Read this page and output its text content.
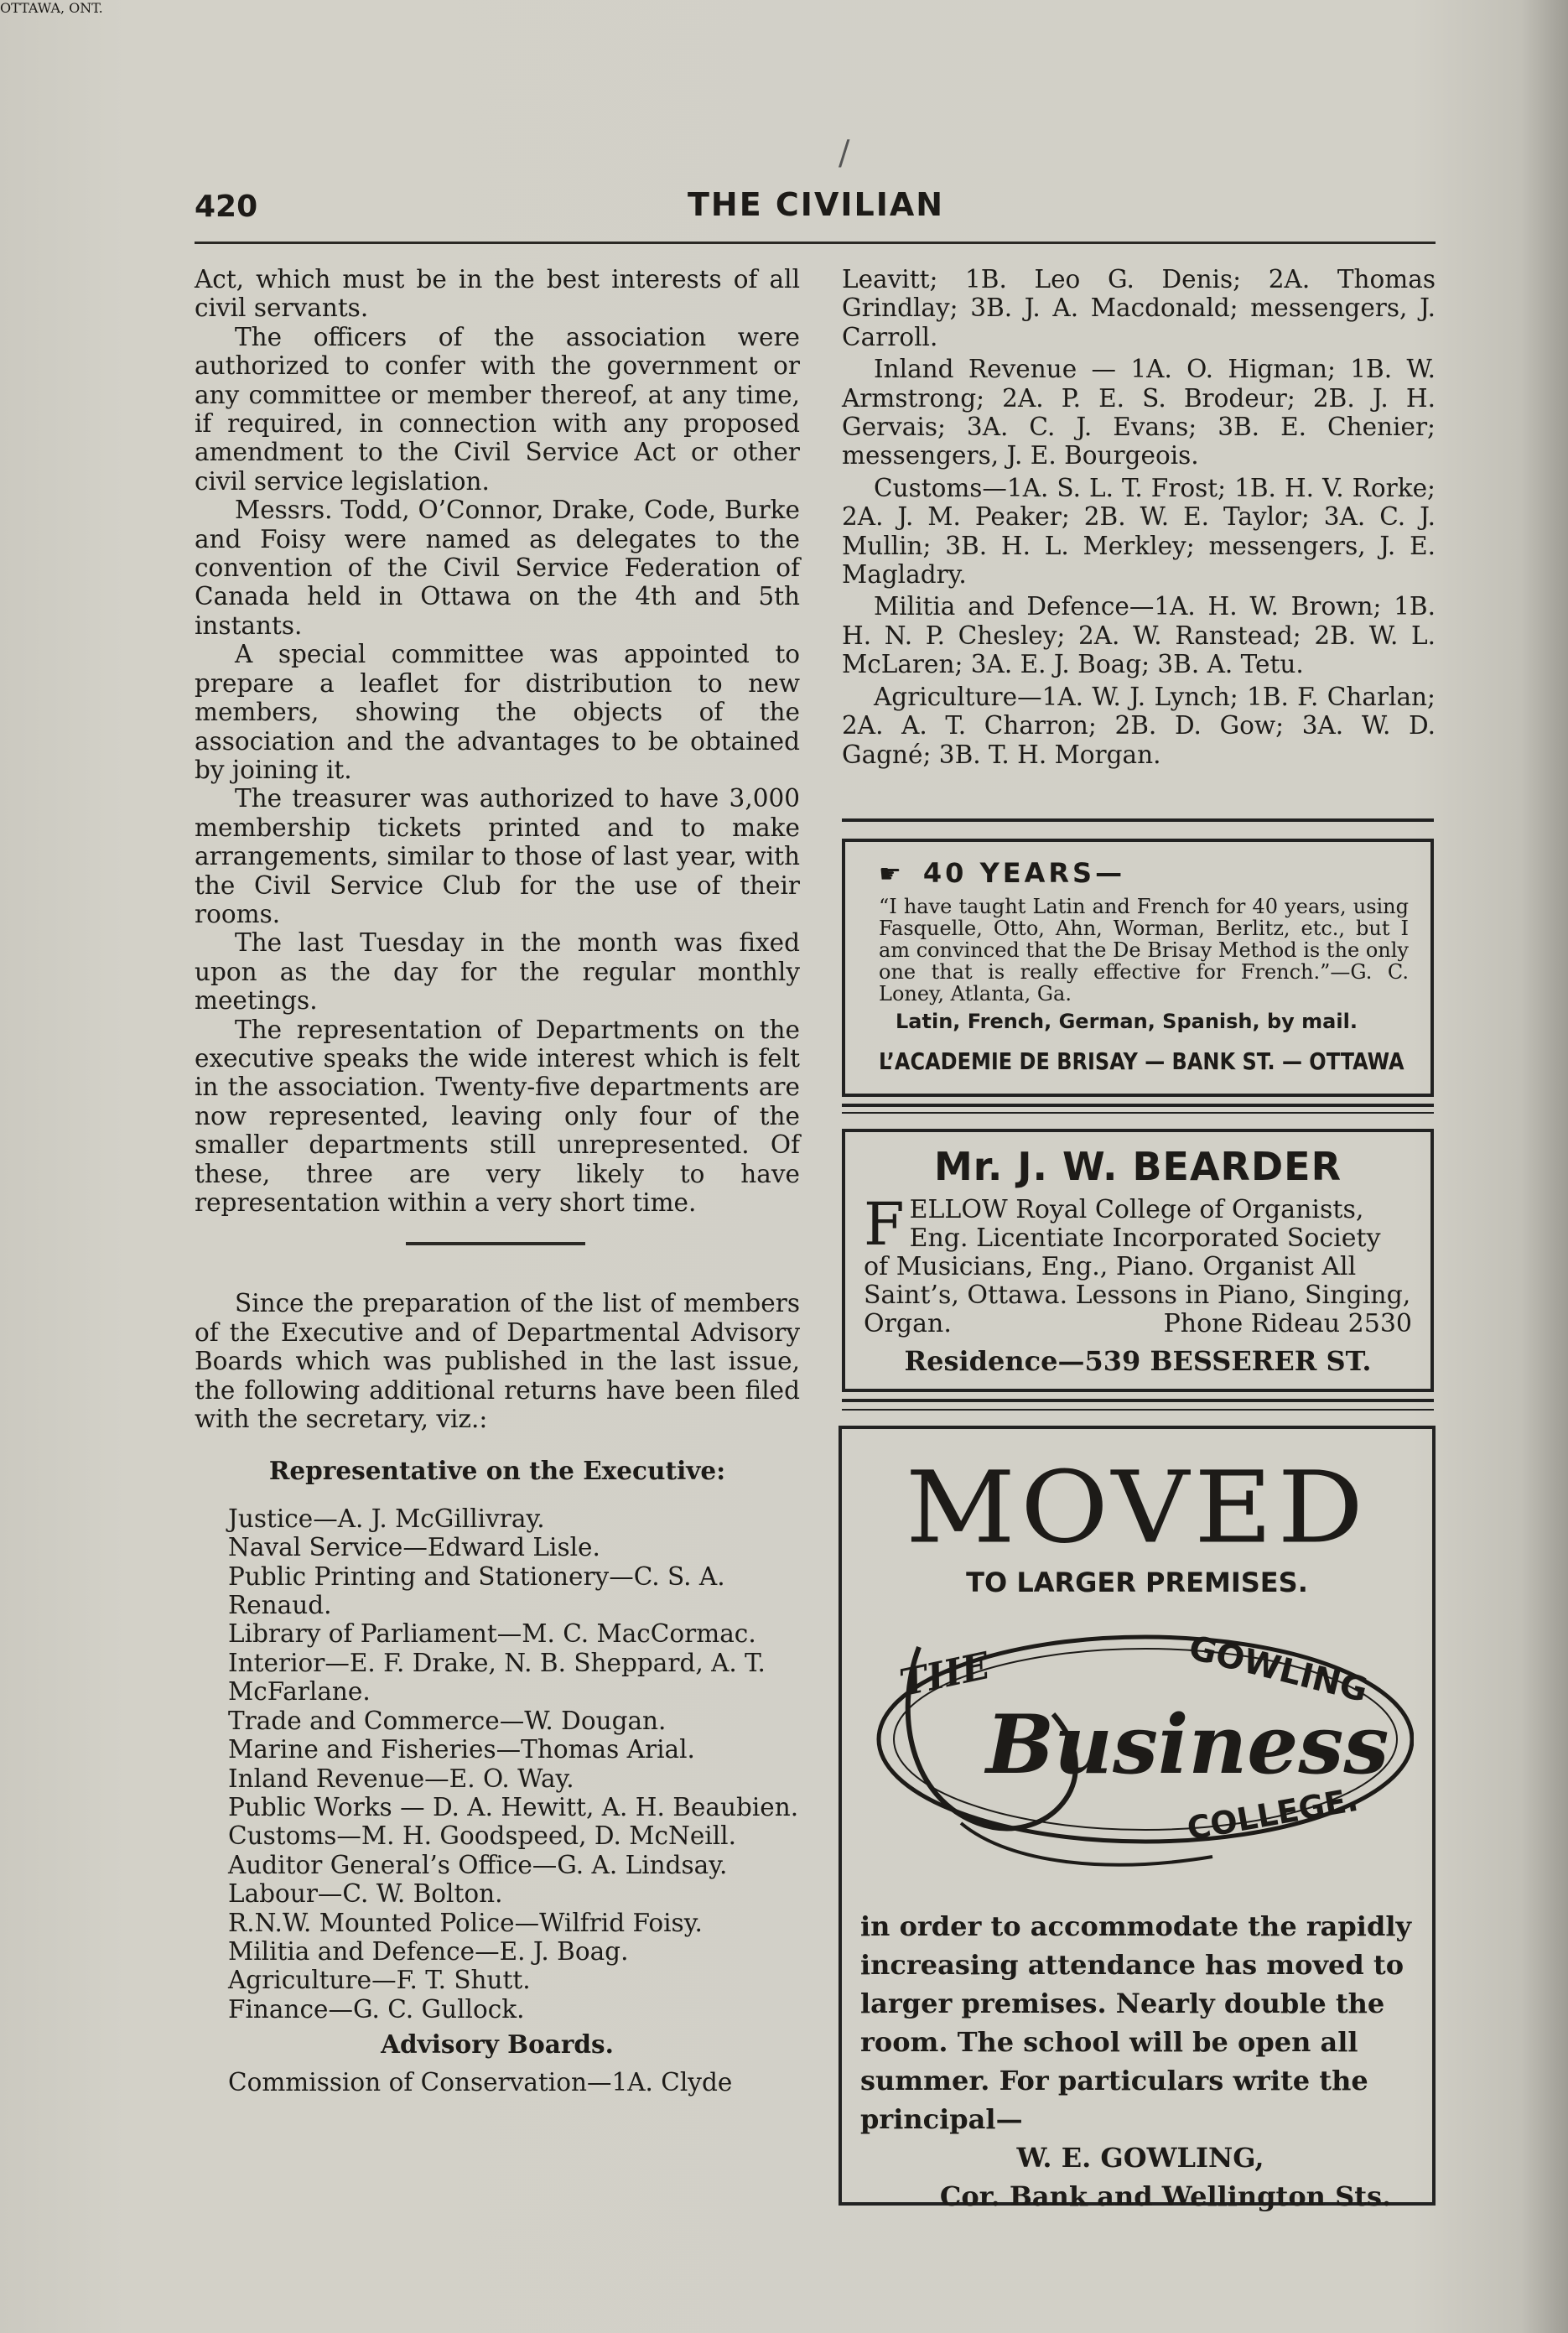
/
420	THE CIVILIAN

Act, which must be in the best interests of all civil servants.

The officers of the association were authorized to confer with the government or any committee or member thereof, at any time, if required, in connection with any proposed amendment to the Civil Service Act or other civil service legislation.

Messrs. Todd, O’Connor, Drake, Code, Burke and Foisy were named as delegates to the convention of the Civil Service Federation of Canada held in Ottawa on the 4th and 5th instants.

A special committee was appointed to prepare a leaflet for distribution to new members, showing the objects of the association and the advantages to be obtained by joining it.

The treasurer was authorized to have 3,000 membership tickets printed and to make arrangements, similar to those of last year, with the Civil Service Club for the use of their rooms.

The last Tuesday in the month was fixed upon as the day for the regular monthly meetings.

The representation of Departments on the executive speaks the wide interest which is felt in the association. Twenty-five departments are now represented, leaving only four of the smaller departments still unrepresented. Of these, three are very likely to have representation within a very short time.

Since the preparation of the list of members of the Executive and of Departmental Advisory Boards which was published in the last issue, the following additional returns have been filed with the secretary, viz.:

Representative on the Executive:

Justice—A. J. McGillivray.

Naval Service—Edward Lisle.

Public Printing and Stationery—C. S. A. Renaud.

Library of Parliament—M. C. MacCormac.

Interior—E. F. Drake, N. B. Sheppard, A. T. McFarlane.

Trade and Commerce—W. Dougan.

Marine and Fisheries—Thomas Arial.

Inland Revenue—E. O. Way.

Public Works — D. A. Hewitt, A. H. Beaubien.

Customs—M. H. Goodspeed, D. McNeill.

Auditor General’s Office—G. A. Lindsay.

Labour—C. W. Bolton.

R.N.W. Mounted Police—Wilfrid Foisy.

Militia and Defence—E. J. Boag.

Agriculture—F. T. Shutt.

Finance—G. C. Gullock.

Advisory Boards.

Commission of Conservation—1A. Clyde

Leavitt; 1B. Leo G. Denis; 2A. Thomas Grindlay; 3B. J. A. Macdonald; messengers, J. Carroll.

Inland Revenue — 1A. O. Higman; 1B. W. Armstrong; 2A. P. E. S. Brodeur; 2B. J. H. Gervais; 3A. C. J. Evans; 3B. E. Chenier; messengers, J. E. Bourgeois.

Customs—1A. S. L. T. Frost; 1B. H. V. Rorke; 2A. J. M. Peaker; 2B. W. E. Taylor; 3A. C. J. Mullin; 3B. H. L. Merkley; messengers, J. E. Magladry.

Militia and Defence—1A. H. W. Brown; 1B. H. N. P. Chesley; 2A. W. Ranstead; 2B. W. L. McLaren; 3A. E. J. Boag; 3B. A. Tetu.

Agriculture—1A. W. J. Lynch; 1B. F. Charlan; 2A. A. T. Charron; 2B. D. Gow; 3A. W. D. Gagné; 3B. T. H. Morgan.

☛ 40 YEARS—
“I have taught Latin and French for 40 years, using Fasquelle, Otto, Ahn, Worman, Berlitz, etc., but I am convinced that the De Brisay Method is the only one that is really effective for French.”—G. C. Loney, Atlanta, Ga.
Latin, French, German, Spanish, by mail.
L’ACADEMIE DE BRISAY — BANK ST. — OTTAWA
Mr. J. W. BEARDER
FELLOW Royal College of Organists, Eng. Licentiate Incorporated Society of Musicians, Eng., Piano. Organist All Saint’s, Ottawa. Lessons in Piano, Singing, Organ.	Phone Rideau 2530
Residence—539 BESSERER ST.
MOVED
TO LARGER PREMISES.
THE	GOWLING
Business
COLLEGE.
in order to accommodate the rapidly increasing attendance has moved to larger premises. Nearly double the room. The school will be open all summer. For particulars write the principal—
W. E. GOWLING,
Cor. Bank and Wellington Sts.
OTTAWA, ONT.
